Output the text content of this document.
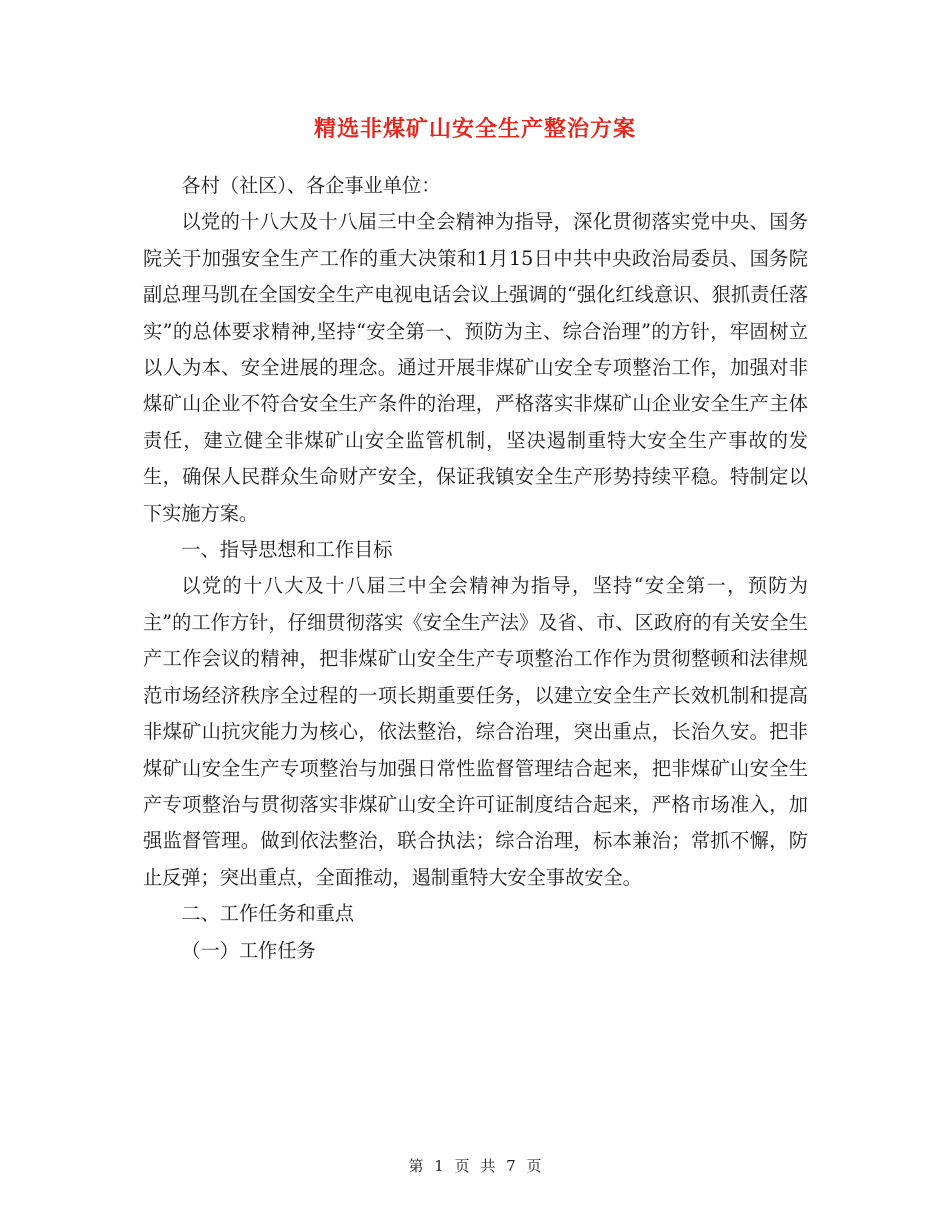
精选非煤矿山安全生产整治方案

各村（社区）、各企事业单位：

以党的十八大及十八届三中全会精神为指导，深化贯彻落实党中央、国务院关于加强安全生产工作的重大决策和1月15日中共中央政治局委员、国务院副总理马凯在全国安全生产电视电话会议上强调的“强化红线意识、狠抓责任落实”的总体要求精神,坚持“安全第一、预防为主、综合治理”的方针，牢固树立以人为本、安全进展的理念。通过开展非煤矿山安全专项整治工作，加强对非煤矿山企业不符合安全生产条件的治理，严格落实非煤矿山企业安全生产主体责任，建立健全非煤矿山安全监管机制，坚决遏制重特大安全生产事故的发生，确保人民群众生命财产安全，保证我镇安全生产形势持续平稳。特制定以下实施方案。

一、指导思想和工作目标

以党的十八大及十八届三中全会精神为指导，坚持“安全第一，预防为主”的工作方针，仔细贯彻落实《安全生产法》及省、市、区政府的有关安全生产工作会议的精神，把非煤矿山安全生产专项整治工作作为贯彻整顿和法律规范市场经济秩序全过程的一项长期重要任务，以建立安全生产长效机制和提高非煤矿山抗灾能力为核心，依法整治，综合治理，突出重点，长治久安。把非煤矿山安全生产专项整治与加强日常性监督管理结合起来，把非煤矿山安全生产专项整治与贯彻落实非煤矿山安全许可证制度结合起来，严格市场准入，加强监督管理。做到依法整治，联合执法；综合治理，标本兼治；常抓不懈，防止反弹；突出重点，全面推动，遏制重特大安全事故安全。

二、工作任务和重点

（一）工作任务

第 1 页 共 7 页
